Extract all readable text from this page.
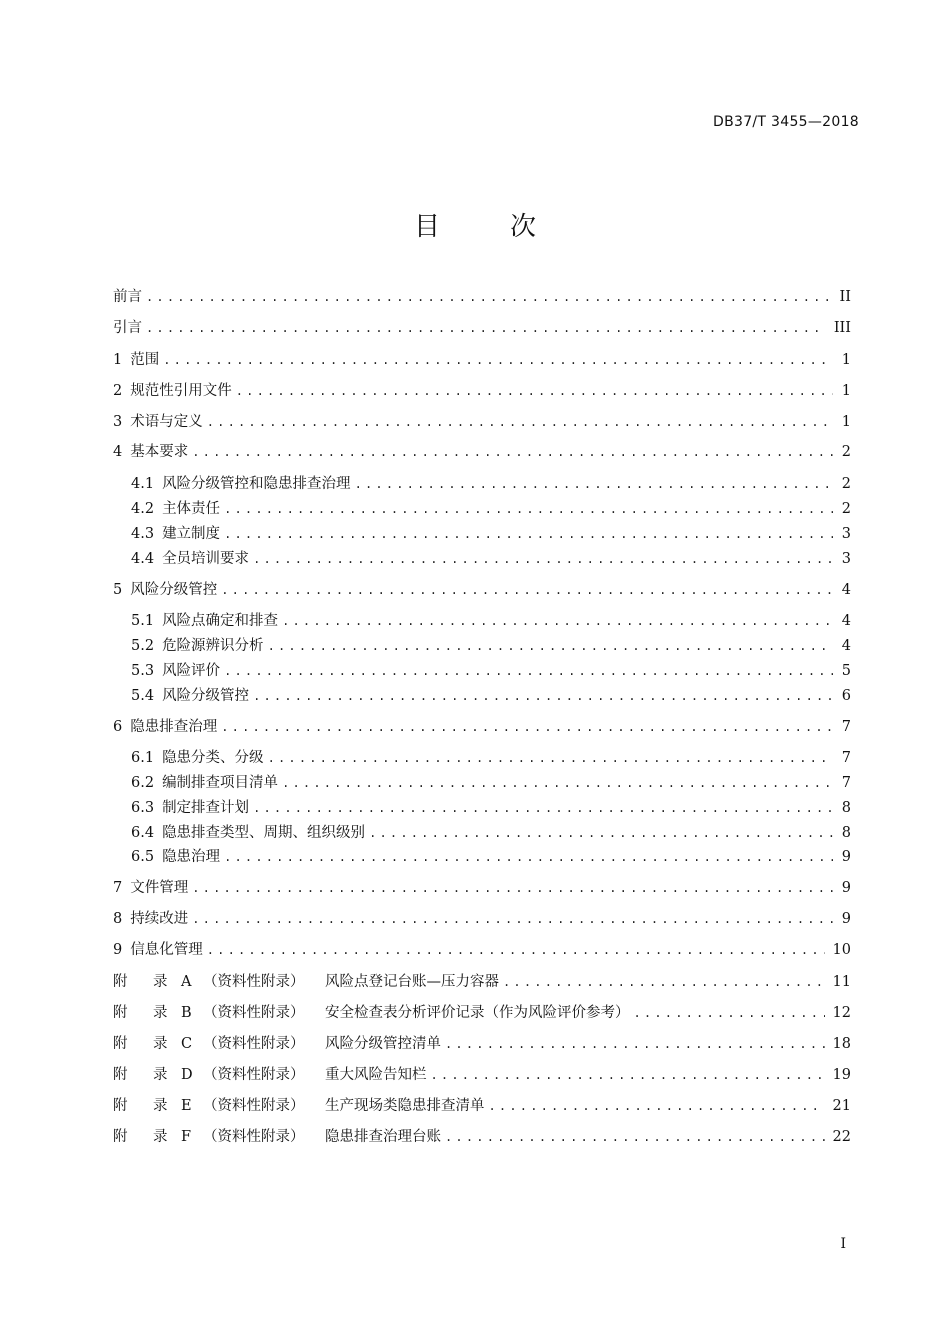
DB37/T 3455—2018
目　次
前言 .....	II
引言 .....	III
1 范围 .....	1
2 规范性引用文件 .....	1
3 术语与定义 .....	1
4 基本要求 .....	2
4.1 风险分级管控和隐患排查治理 .....	2
4.2 主体责任 .....	2
4.3 建立制度 .....	3
4.4 全员培训要求 .....	3
5 风险分级管控 .....	4
5.1 风险点确定和排查 .....	4
5.2 危险源辨识分析 .....	4
5.3 风险评价 .....	5
5.4 风险分级管控 .....	6
6 隐患排查治理 .....	7
6.1 隐患分类、分级 .....	7
6.2 编制排查项目清单 .....	7
6.3 制定排查计划 .....	8
6.4 隐患排查类型、周期、组织级别 .....	8
6.5 隐患治理 .....	9
7 文件管理 .....	9
8 持续改进 .....	9
9 信息化管理 .....	10
附 录 A （资料性附录） 风险点登记台账—压力容器 .....	11
附 录 B （资料性附录） 安全检查表分析评价记录（作为风险评价参考） .....	12
附 录 C （资料性附录） 风险分级管控清单 .....	18
附 录 D （资料性附录） 重大风险告知栏 .....	19
附 录 E （资料性附录） 生产现场类隐患排查清单 .....	21
附 录 F （资料性附录） 隐患排查治理台账 .....	22
I
